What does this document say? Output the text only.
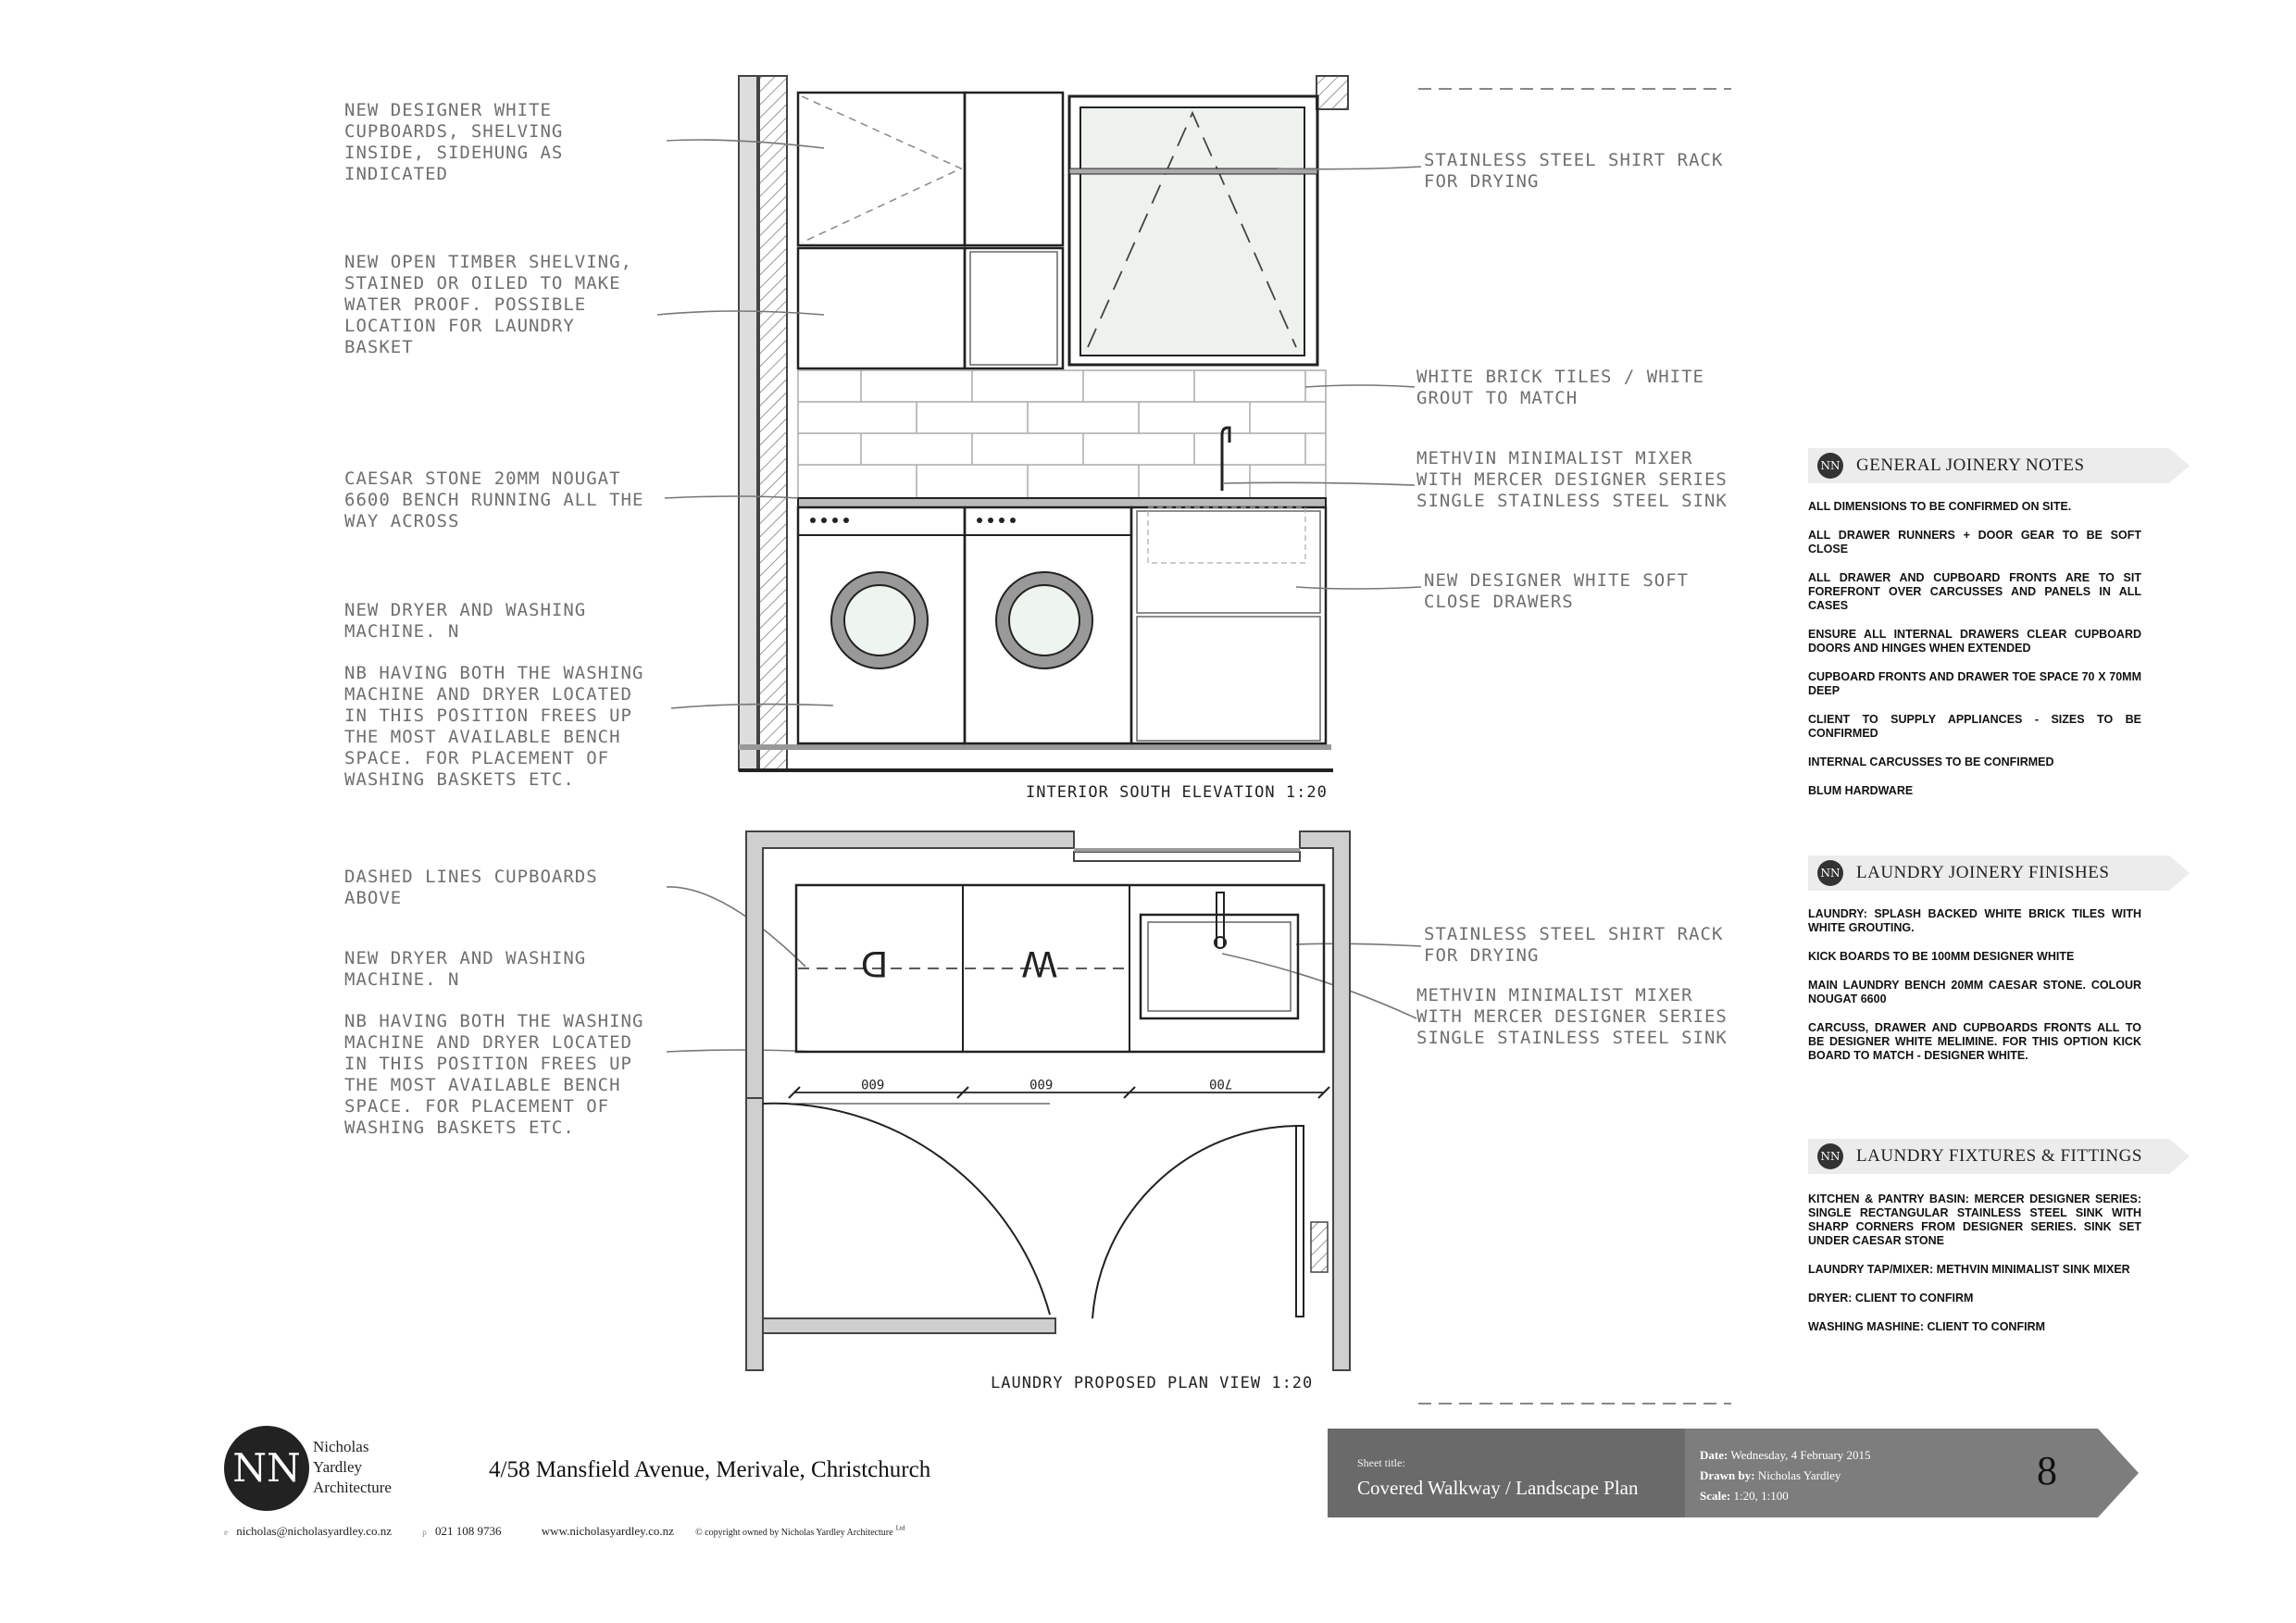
NEW DESIGNER WHITE CUPBOARDS, SHELVING INSIDE, SIDEHUNG AS INDICATED
NEW OPEN TIMBER SHELVING, STAINED OR OILED TO MAKE WATER PROOF. POSSIBLE LOCATION FOR LAUNDRY BASKET
CAESAR STONE 20MM NOUGAT 6600 BENCH RUNNING ALL THE WAY ACROSS
NEW DRYER AND WASHING MACHINE. N
NB HAVING BOTH THE WASHING MACHINE AND DRYER LOCATED IN THIS POSITION FREES UP THE MOST AVAILABLE BENCH SPACE. FOR PLACEMENT OF WASHING BASKETS ETC.
STAINLESS STEEL SHIRT RACK FOR DRYING
WHITE BRICK TILES / WHITE GROUT TO MATCH
METHVIN MINIMALIST MIXER WITH MERCER DESIGNER SERIES SINGLE STAINLESS STEEL SINK
NEW DESIGNER WHITE SOFT CLOSE DRAWERS
INTERIOR SOUTH ELEVATION 1:20
DASHED LINES CUPBOARDS ABOVE
NEW DRYER AND WASHING MACHINE. N
NB HAVING BOTH THE WASHING MACHINE AND DRYER LOCATED IN THIS POSITION FREES UP THE MOST AVAILABLE BENCH SPACE. FOR PLACEMENT OF WASHING BASKETS ETC.
STAINLESS STEEL SHIRT RACK FOR DRYING
METHVIN MINIMALIST MIXER WITH MERCER DESIGNER SERIES SINGLE STAINLESS STEEL SINK
LAUNDRY PROPOSED PLAN VIEW 1:20
D	W
600	600	700
NN GENERAL JOINERY NOTES

ALL DIMENSIONS TO BE CONFIRMED ON SITE.

ALL DRAWER RUNNERS + DOOR GEAR TO BE SOFT CLOSE

ALL DRAWER AND CUPBOARD FRONTS ARE TO SIT FOREFRONT OVER CARCUSSES AND PANELS IN ALL CASES

ENSURE ALL INTERNAL DRAWERS CLEAR CUPBOARD DOORS AND HINGES WHEN EXTENDED

CUPBOARD FRONTS AND DRAWER TOE SPACE 70 X 70MM DEEP

CLIENT TO SUPPLY APPLIANCES - SIZES TO BE CONFIRMED

INTERNAL CARCUSSES TO BE CONFIRMED

BLUM HARDWARE

NN LAUNDRY JOINERY FINISHES

LAUNDRY: SPLASH BACKED WHITE BRICK TILES WITH WHITE GROUTING.

KICK BOARDS TO BE 100MM DESIGNER WHITE

MAIN LAUNDRY BENCH 20MM CAESAR STONE. COLOUR NOUGAT 6600

CARCUSS, DRAWER AND CUPBOARDS FRONTS ALL TO BE DESIGNER WHITE MELIMINE. FOR THIS OPTION KICK BOARD TO MATCH - DESIGNER WHITE.

NN LAUNDRY FIXTURES & FITTINGS

KITCHEN & PANTRY BASIN: MERCER DESIGNER SERIES: SINGLE RECTANGULAR STAINLESS STEEL SINK WITH SHARP CORNERS FROM DESIGNER SERIES. SINK SET UNDER CAESAR STONE

LAUNDRY TAP/MIXER: METHVIN MINIMALIST SINK MIXER

DRYER: CLIENT TO CONFIRM

WASHING MASHINE: CLIENT TO CONFIRM

NN Nicholas
Yardley
Architecture
4/58 Mansfield Avenue, Merivale, Christchurch
e nicholas@nicholasyardley.co.nz	p 021 108 9736	www.nicholasyardley.co.nz © copyright owned by Nicholas Yardley Architecture $^{Ltd}$
Sheet title:
Covered Walkway / Landscape Plan
Date: Wednesday, 4 February 2015
Drawn by: Nicholas Yardley
Scale: 1:20, 1:100
8
